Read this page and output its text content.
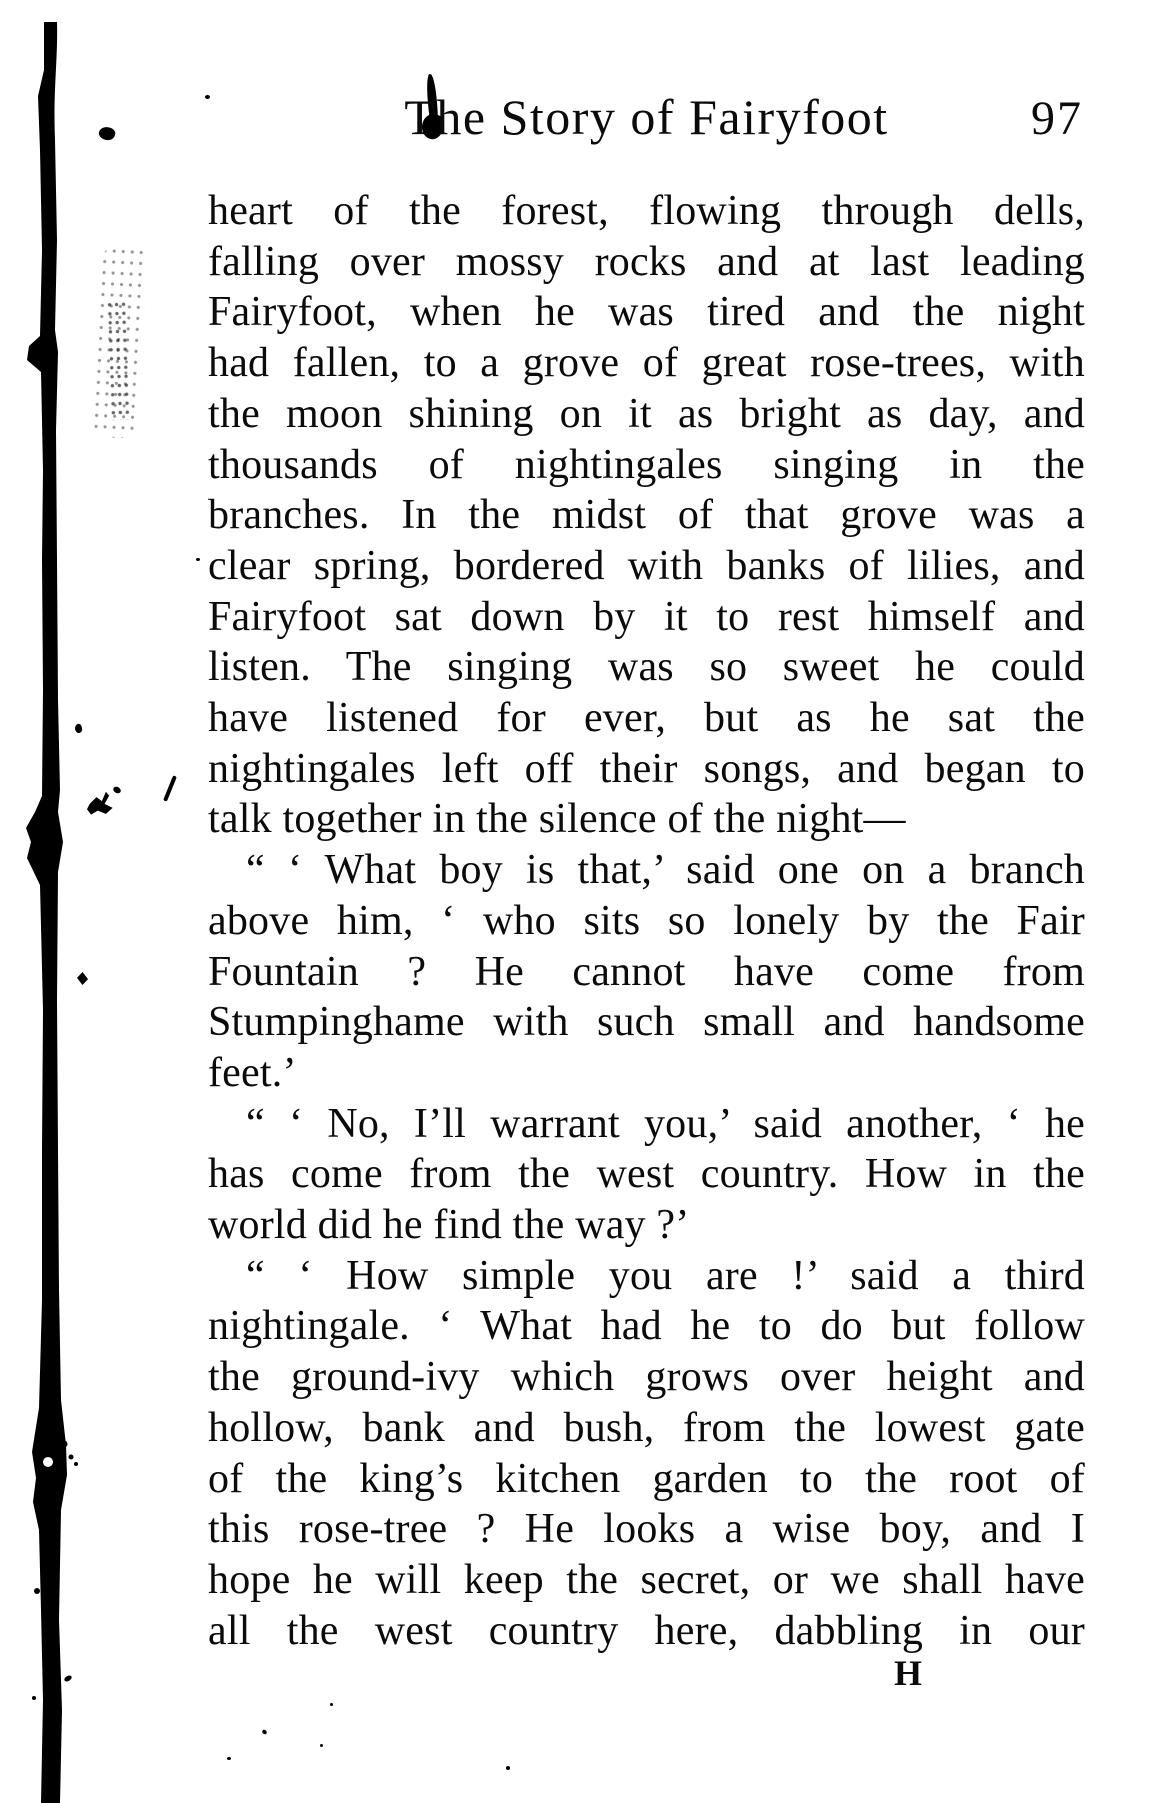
The Story of Fairyfoot	97
heart of the forest, flowing through dells,
falling over mossy rocks and at last leading
Fairyfoot, when he was tired and the night
had fallen, to a grove of great rose-trees, with
the moon shining on it as bright as day, and
thousands of nightingales singing in the
branches. In the midst of that grove was a
clear spring, bordered with banks of lilies, and
Fairyfoot sat down by it to rest himself and
listen. The singing was so sweet he could
have listened for ever, but as he sat the
nightingales left off their songs, and began to
talk together in the silence of the night—
“ ‘ What boy is that,’ said one on a branch
above him, ‘ who sits so lonely by the Fair
Fountain ? He cannot have come from
Stumpinghame with such small and handsome
feet.’
“ ‘ No, I’ll warrant you,’ said another, ‘ he
has come from the west country. How in the
world did he find the way ?’
“ ‘ How simple you are !’ said a third
nightingale. ‘ What had he to do but follow
the ground-ivy which grows over height and
hollow, bank and bush, from the lowest gate
of the king’s kitchen garden to the root of
this rose-tree ? He looks a wise boy, and I
hope he will keep the secret, or we shall have
all the west country here, dabbling in our
H
